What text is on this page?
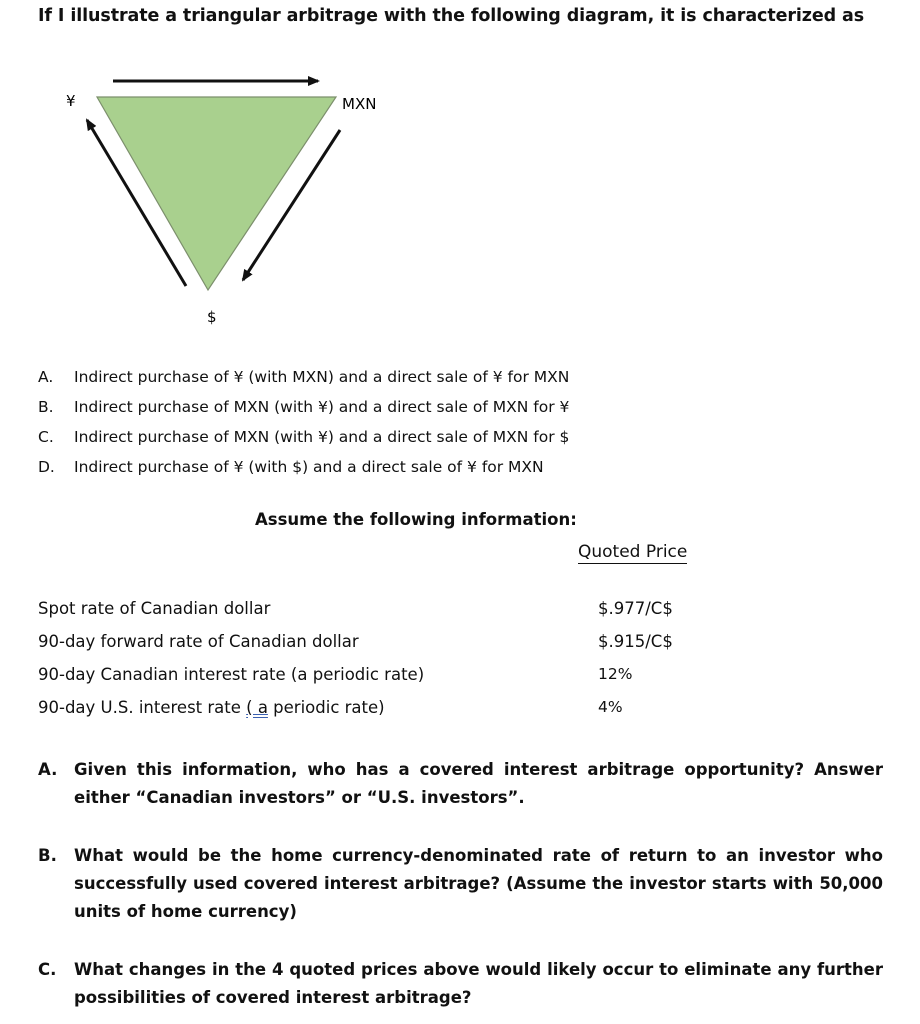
If I illustrate a triangular arbitrage with the following diagram, it is characterized as
¥	MXN
$
A. Indirect purchase of ¥ (with MXN) and a direct sale of ¥ for MXN
B. Indirect purchase of MXN (with ¥) and a direct sale of MXN for ¥
C. Indirect purchase of MXN (with ¥) and a direct sale of MXN for $
D. Indirect purchase of ¥ (with $) and a direct sale of ¥ for MXN
Assume the following information:
Quoted Price
Spot rate of Canadian dollar	$.977/C$
90-day forward rate of Canadian dollar	$.915/C$
90-day Canadian interest rate (a periodic rate)	12%
90-day U.S. interest rate ( a periodic rate)	4%
A. Given this information, who has a covered interest arbitrage opportunity? Answer either “Canadian investors” or “U.S. investors”.
B. What would be the home currency-denominated rate of return to an investor who successfully used covered interest arbitrage? (Assume the investor starts with 50,000 units of home currency)
C. What changes in the 4 quoted prices above would likely occur to eliminate any further possibilities of covered interest arbitrage?
